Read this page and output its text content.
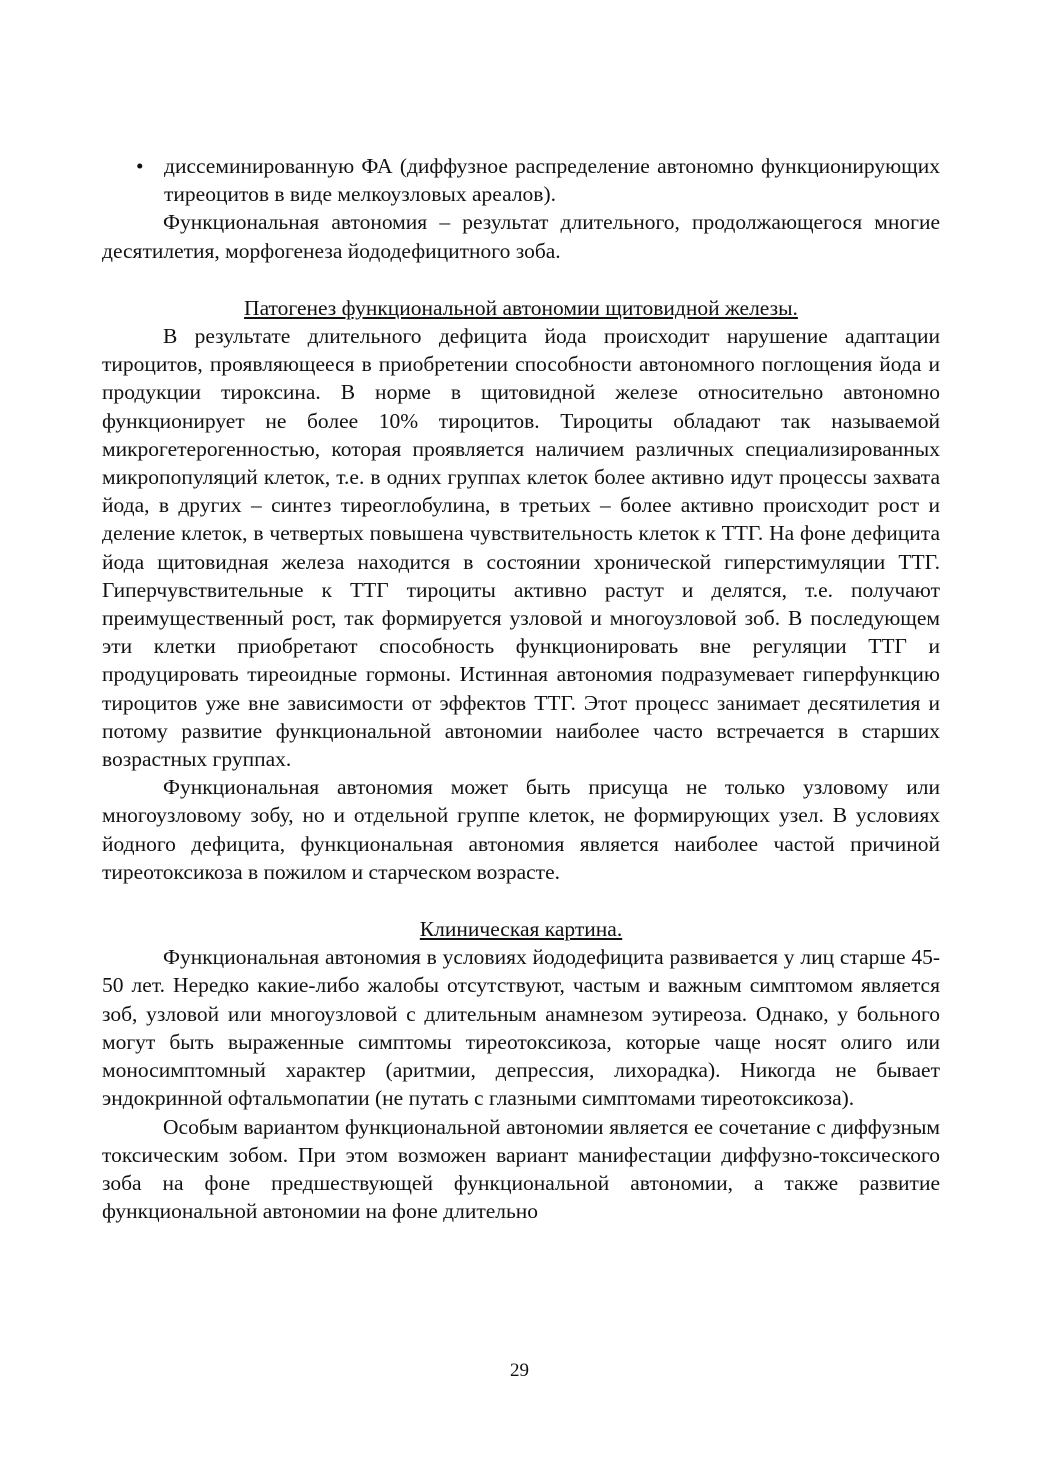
• диссеминированную ФА (диффузное распределение автономно функционирующих тиреоцитов в виде мелкоузловых ареалов).

Функциональная автономия – результат длительного, продолжающегося многие десятилетия, морфогенеза йододефицитного зоба.

Патогенез функциональной автономии щитовидной железы.

В результате длительного дефицита йода происходит нарушение адаптации тироцитов, проявляющееся в приобретении способности автономного поглощения йода и продукции тироксина. В норме в щитовидной железе относительно автономно функционирует не более 10% тироцитов. Тироциты обладают так называемой микрогетерогенностью, которая проявляется наличием различных специализированных микропопуляций клеток, т.е. в одних группах клеток более активно идут процессы захвата йода, в других – синтез тиреоглобулина, в третьих – более активно происходит рост и деление клеток, в четвертых повышена чувствительность клеток к ТТГ. На фоне дефицита йода щитовидная железа находится в состоянии хронической гиперстимуляции ТТГ. Гиперчувствительные к ТТГ тироциты активно растут и делятся, т.е. получают преимущественный рост, так формируется узловой и многоузловой зоб. В последующем эти клетки приобретают способность функционировать вне регуляции ТТГ и продуцировать тиреоидные гормоны. Истинная автономия подразумевает гиперфункцию тироцитов уже вне зависимости от эффектов ТТГ. Этот процесс занимает десятилетия и потому развитие функциональной автономии наиболее часто встречается в старших возрастных группах.

Функциональная автономия может быть присуща не только узловому или многоузловому зобу, но и отдельной группе клеток, не формирующих узел. В условиях йодного дефицита, функциональная автономия является наиболее частой причиной тиреотоксикоза в пожилом и старческом возрасте.

Клиническая картина.

Функциональная автономия в условиях йододефицита развивается у лиц старше 45-50 лет. Нередко какие-либо жалобы отсутствуют, частым и важным симптомом является зоб, узловой или многоузловой с длительным анамнезом эутиреоза. Однако, у больного могут быть выраженные симптомы тиреотоксикоза, которые чаще носят олиго или моносимптомный характер (аритмии, депрессия, лихорадка). Никогда не бывает эндокринной офтальмопатии (не путать с глазными симптомами тиреотоксикоза).

Особым вариантом функциональной автономии является ее сочетание с диффузным токсическим зобом. При этом возможен вариант манифестации диффузно-токсического зоба на фоне предшествующей функциональной автономии, а также развитие функциональной автономии на фоне длительно

29
